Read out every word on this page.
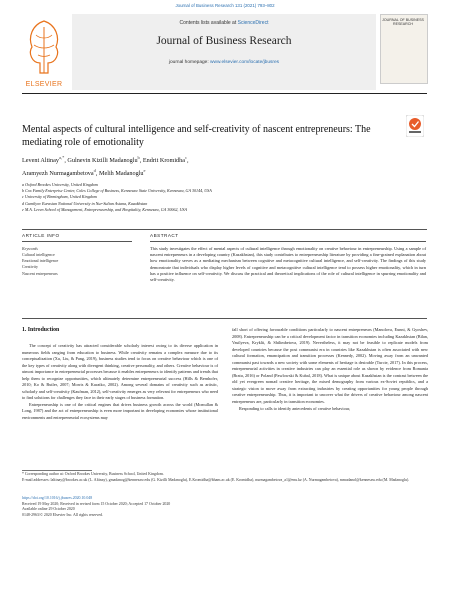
Journal of Business Research 131 (2021) 793–802
ELSEVIER
Contents lists available at ScienceDirect
Journal of Business Research
journal homepage: www.elsevier.com/locate/jbusres
JOURNAL OF BUSINESS RESEARCH
Mental aspects of cultural intelligence and self-creativity of nascent entrepreneurs: The mediating role of emotionality
Levent Altinay$^{a,*}$, Gulnevin Kizilli Madanoglu$^b$, Endrit Kromidha$^c$,
Aramyezh Nurmagambetova$^d$, Melih Madanoglu$^e$
a Oxford Brookes University, United Kingdom
b Cox Family Enterprise Center, Coles College of Business, Kennesaw State University, Kennesaw, GA 30144, USA
c University of Birmingham, United Kingdom
d Gumilyov Eurasian National University in Nur-Sultan Astana, Kazakhstan
e M.A. Leven School of Management, Entrepreneurship, and Hospitality, Kennesaw, GA 30062, USA
ARTICLE INFO	ABSTRACT
Keywords
Cultural intelligence
Emotional intelligence
Creativity
Nascent entrepreneurs
This study investigates the effect of mental aspects of cultural intelligence through emotionality on creative behaviour in entrepreneurship. Using a sample of nascent entrepreneurs in a developing country (Kazakhstan), this study contributes to entrepreneurship literature by providing a fine-grained explanation about how emotionality serves as a mediating mechanism between cognitive and metacognitive cultural intelligence, and self-creativity. The findings of this study demonstrate that individuals who display higher levels of cognitive and metacognitive cultural intelligence tend to possess higher emotionality, which in turn has a positive influence on self-creativity. We discuss the practical and theoretical implications of the role of cultural intelligence in spurring emotionality and self-creativity.
1. Introduction

The concept of creativity has attracted considerable scholarly interest owing to its diverse application in numerous fields ranging from education to business. While creativity remains a complex measure due to its conceptualization (Xu, Liu, & Pang, 2019), business studies tend to focus on creative behaviour which is one of the key types of creativity along with divergent thinking, creative personality, and others. Creative behaviour is of utmost importance in entrepreneurial processes because it enables entrepreneurs to identify patterns and trends that help them to recognize opportunities, which ultimately determine entrepreneurial success (Hills & Bernhofer, 2010; Ko & Butler, 2007; Morris & Kuratko, 2002). Among several domains of creativity such as artistic, scholarly and self-creativity (Kaufman, 2012), self-creativity emerges as very relevant for entrepreneurs who need to find solutions for challenges they face in their early stages of business formation.

Entrepreneurship is one of the critical engines that drives business growth across the world (Mcmullan & Long, 1987) and the act of entrepreneurship is even more important in developing economies whose institutional environments and entrepreneurial ecosystems may

fall short of offering favourable conditions particularly to nascent entrepreneurs (Manolova, Eunni, & Gyoshev, 2008). Entrepreneurship can be a critical development factor in transition economies including Kazakhstan (Bilan, Vasilyeva, Kryklii, & Shilimbetova, 2019). Nevertheless, it may not be feasible to replicate models from developed countries because the post communist era in countries like Kazakhstan is often associated with new cultural formation, emancipation and transition processes (Kennedy, 2002). Moving away from an unwanted communist past towards a new society with some elements of heritage is desirable (Turcie, 2017). In this process, entrepreneurial activities in creative industries can play an essential role as shown by evidence from Romania (Bratu, 2016) or Poland (Pawlowski & Kubal, 2018). What is unique about Kazakhstan is the contrast between the old yet evergreen nomad creative heritage, the mixed demography from various ex-Soviet republics, and a strategic vision to move away from extracting industries by creating opportunities for young people through creative entrepreneurship. Thus, it is important to uncover what the drivers of creative behaviour among nascent entrepreneurs are, particularly in transition economies.

Responding to calls to identify antecedents of creative behaviour,

* Corresponding author at: Oxford Brookes University, Business School, United Kingdom.
E-mail addresses: laltinay@brookes.ac.uk (L. Altinay), gmadanog@kennesaw.edu (G. Kizilli Madanoglu), E.Kromidha@bham.ac.uk (E. Kromidha), nurmagambetova_a1@enu.kz (A. Nurmagambetova), mmadanol@kennesaw.edu (M. Madanoglu).
https://doi.org/10.1016/j.jbusres.2020.10.048
Received 19 May 2020; Received in revised form 15 October 2020; Accepted 17 October 2020
Available online 29 October 2020
0148-2963/© 2020 Elsevier Inc. All rights reserved.
